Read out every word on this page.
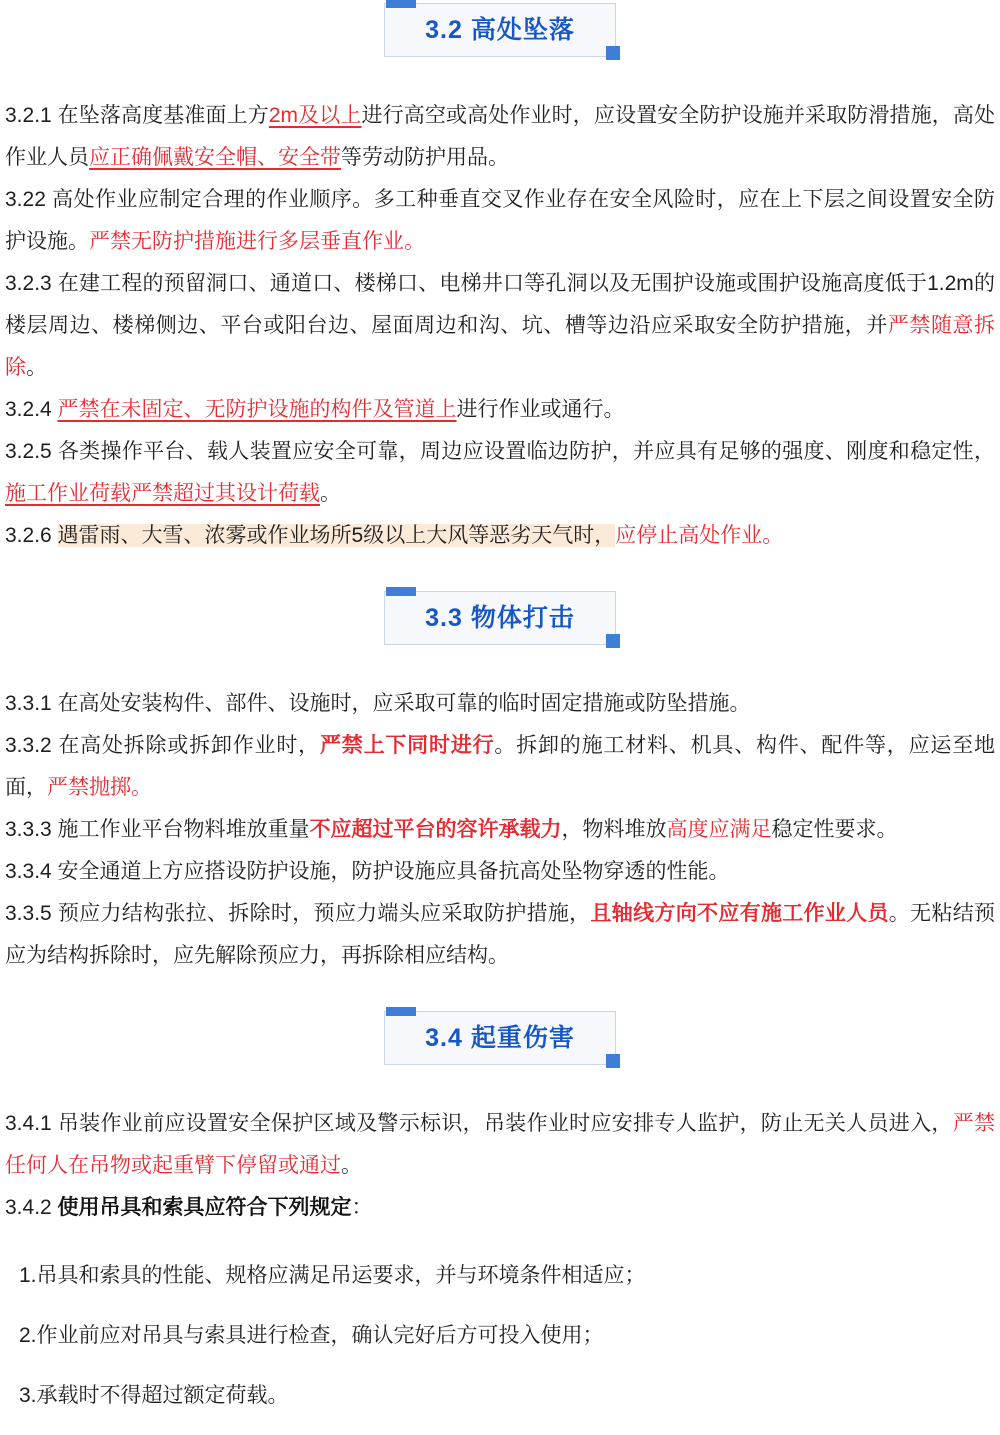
3.2 高处坠落

3.2.1 在坠落高度基准面上方2m及以上进行高空或高处作业时，应设置安全防护设施并采取防滑措施，高处作业人员应正确佩戴安全帽、安全带等劳动防护用品。

3.22 高处作业应制定合理的作业顺序。多工种垂直交叉作业存在安全风险时，应在上下层之间设置安全防护设施。严禁无防护措施进行多层垂直作业。

3.2.3 在建工程的预留洞口、通道口、楼梯口、电梯井口等孔洞以及无围护设施或围护设施高度低于1.2m的楼层周边、楼梯侧边、平台或阳台边、屋面周边和沟、坑、槽等边沿应采取安全防护措施，并严禁随意拆除。

3.2.4 严禁在未固定、无防护设施的构件及管道上进行作业或通行。

3.2.5 各类操作平台、载人装置应安全可靠，周边应设置临边防护，并应具有足够的强度、刚度和稳定性，施工作业荷载严禁超过其设计荷载。

3.2.6 遇雷雨、大雪、浓雾或作业场所5级以上大风等恶劣天气时，应停止高处作业。

3.3 物体打击

3.3.1 在高处安装构件、部件、设施时，应采取可靠的临时固定措施或防坠措施。

3.3.2 在高处拆除或拆卸作业时，严禁上下同时进行。拆卸的施工材料、机具、构件、配件等，应运至地面，严禁抛掷。

3.3.3 施工作业平台物料堆放重量不应超过平台的容许承载力，物料堆放高度应满足稳定性要求。

3.3.4 安全通道上方应搭设防护设施，防护设施应具备抗高处坠物穿透的性能。

3.3.5 预应力结构张拉、拆除时，预应力端头应采取防护措施，且轴线方向不应有施工作业人员。无粘结预应为结构拆除时，应先解除预应力，再拆除相应结构。

3.4 起重伤害

3.4.1 吊装作业前应设置安全保护区域及警示标识，吊装作业时应安排专人监护，防止无关人员进入，严禁任何人在吊物或起重臂下停留或通过。

3.4.2 使用吊具和索具应符合下列规定：

1.吊具和索具的性能、规格应满足吊运要求，并与环境条件相适应；

2.作业前应对吊具与索具进行检查，确认完好后方可投入使用；

3.承载时不得超过额定荷载。
